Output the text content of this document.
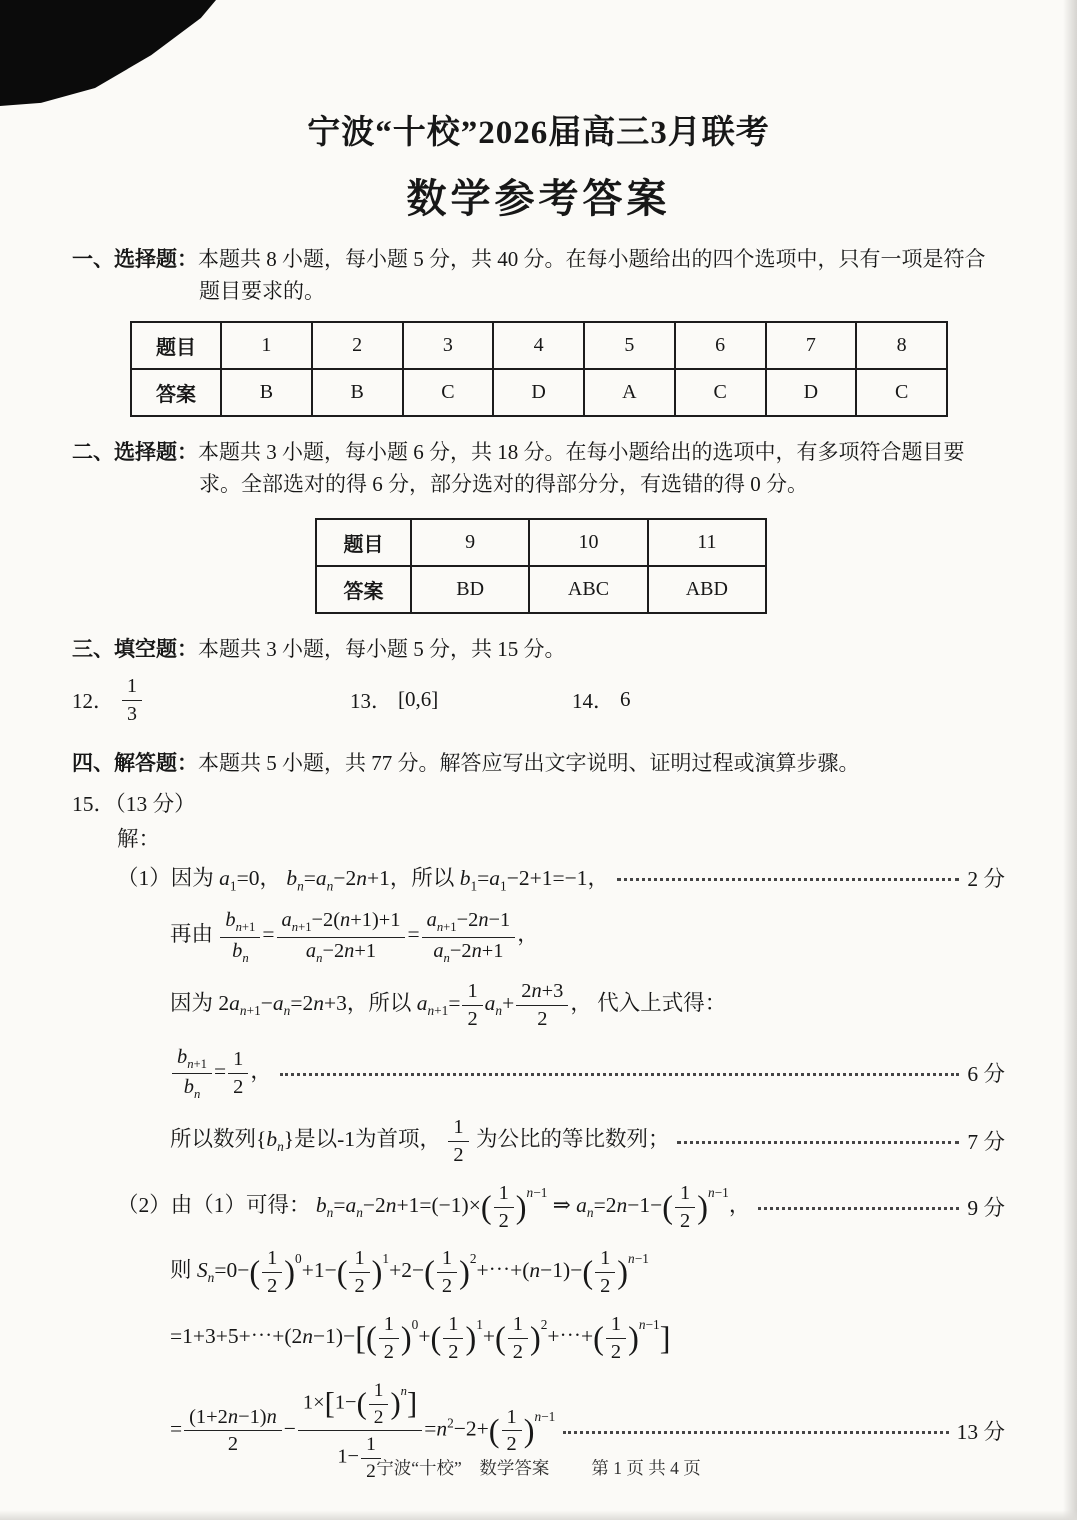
宁波“十校”2026届高三3月联考
数学参考答案

一、选择题：本题共 8 小题，每小题 5 分，共 40 分。在每小题给出的四个选项中，只有一项是符合题目要求的。

题目	1	2	3	4	5	6	7	8
答案	B	B	C	D	A	C	D	C

二、选择题：本题共 3 小题，每小题 6 分，共 18 分。在每小题给出的选项中，有多项符合题目要求。全部选对的得 6 分，部分选对的得部分分，有选错的得 0 分。

题目	9	10	11
答案	BD	ABC	ABD

三、填空题：本题共 3 小题，每小题 5 分，共 15 分。

12． $\frac{1}{3}$	13． [0,6]	14． 6

四、解答题：本题共 5 小题，共 77 分。解答应写出文字说明、证明过程或演算步骤。

15．（13 分）
解：
（1）因为 $a_1=0$， $b_n=a_n-2n+1$，所以 $b_1=a_1-2+1=-1$，	2 分
再由 $\frac{b_{n+1}}{b_n} = \frac{a_{n+1}-2(n+1)+1}{a_n-2n+1} = \frac{a_{n+1}-2n-1}{a_n-2n+1}$ ，
因为 $2a_{n+1}-a_n=2n+3$，所以 $a_{n+1}= \frac{1}{2} a_n+ \frac{2n+3}{2}$ ， 代入上式得：
$\frac{b_{n+1}}{b_n} = \frac{1}{2}$ ，	6 分
所以数列$\{b_n\}$是以-1为首项， $\frac{1}{2}$ 为公比的等比数列；	7 分
（2）由（1）可得： $b_n=a_n-2n+1=(-1)\times( \frac{1}{2} )^{n-1}$ ⇒ $a_n=2n-1-( \frac{1}{2} )^{n-1}$，	9 分
则 $S_n=0-( \frac{1}{2} )^0+1-( \frac{1}{2} )^1+2-( \frac{1}{2}$ )$^2+\cdots+(n-1)-( \frac{1}{2} )^{n-1}$
=1+3+5+⋯+(2n−1)−[( $\frac{1}{2} )^0+( \frac{1}{2} )^1+( \frac{1}{2}$ )$^2+\cdots+( \frac{1}{2} )^{n-1}$]
= $\frac{(1+2n-1)n}{2} - \frac{1\times[1-( \frac{1}{2} )^n]}{1- \frac{1}{2}} =n^2-2+( \frac{1}{2} )^{n-1}$
13 分
宁波“十校”　数学答案 第 1 页 共 4 页
